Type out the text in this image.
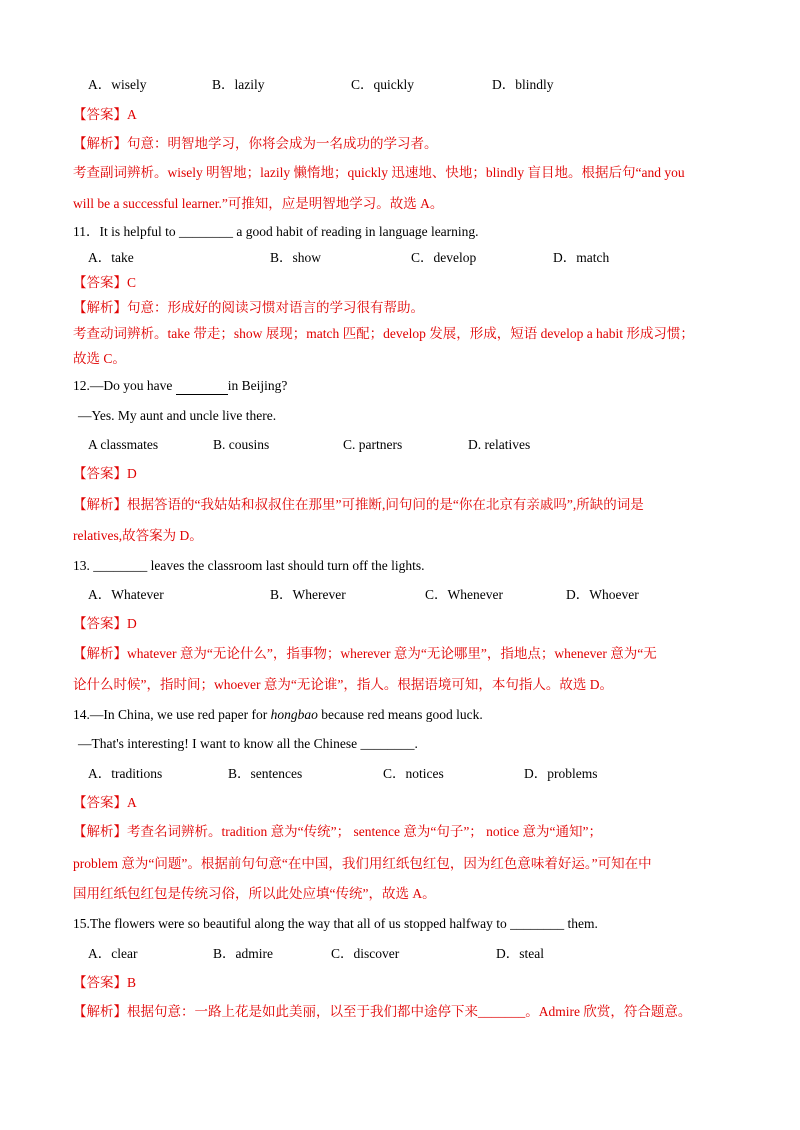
A．wisely	B．lazily	C．quickly	D．blindly
【答案】A
【解析】句意：明智地学习，你将会成为一名成功的学习者。
考查副词辨析。wisely 明智地；lazily 懒惰地；quickly 迅速地、快地；blindly 盲目地。根据后句“and you
will be a successful learner.”可推知，应是明智地学习。故选 A。
11．It is helpful to ________ a good habit of reading in language learning.
A．take	B．show	C．develop	D．match
【答案】C
【解析】句意：形成好的阅读习惯对语言的学习很有帮助。
考查动词辨析。take 带走；show 展现；match 匹配；develop 发展，形成，短语 develop a habit 形成习惯；
故选 C。
12.—Do you have	in Beijing?
—Yes. My aunt and uncle live there.
A classmates	B. cousins	C. partners	D. relatives
【答案】D
【解析】根据答语的“我姑姑和叔叔住在那里”可推断,问句问的是“你在北京有亲戚吗”,所缺的词是
relatives,故答案为 D。
13. ________ leaves the classroom last should turn off the lights.
A．Whatever	B．Wherever	C．Whenever	D．Whoever
【答案】D
【解析】whatever 意为“无论什么”，指事物；wherever 意为“无论哪里”，指地点；whenever 意为“无
论什么时候”，指时间；whoever 意为“无论谁”，指人。根据语境可知，本句指人。故选 D。
14.—In China, we use red paper for hongbao because red means good luck.
—That's interesting! I want to know all the Chinese ________.
A．traditions	B．sentences	C．notices	D．problems
【答案】A
【解析】考查名词辨析。tradition 意为“传统”； sentence 意为“句子”； notice 意为“通知”；
problem 意为“问题”。根据前句句意“在中国，我们用红纸包红包，因为红色意味着好运。”可知在中
国用红纸包红包是传统习俗，所以此处应填“传统”，故选 A。
15.The flowers were so beautiful along the way that all of us stopped halfway to ________ them.
A．clear	B．admire	C．discover	D．steal
【答案】B
【解析】根据句意：一路上花是如此美丽，以至于我们都中途停下来_______。Admire 欣赏，符合题意。
